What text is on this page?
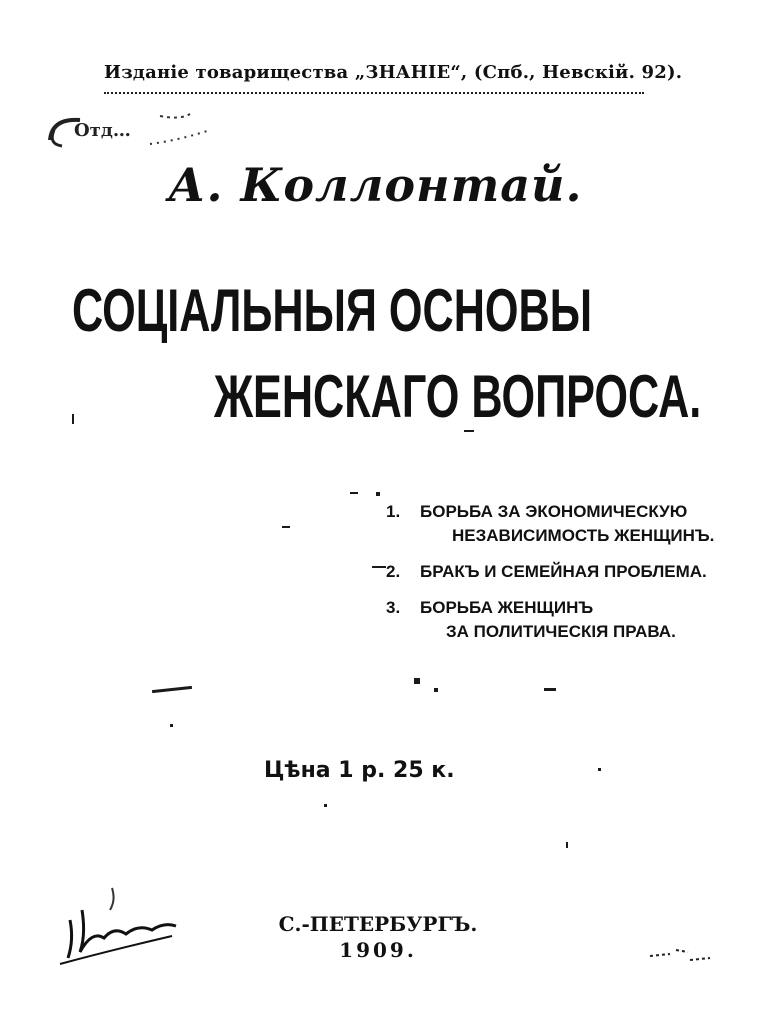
Изданіе товарищества „ЗНАНІЕ“, (Спб., Невскій. 92).
Отд…
А. Коллонтай.
СОЦІАЛЬНЫЯ ОСНОВЫ
ЖЕНСКАГО ВОПРОСА.
1. БОРЬБА ЗА ЭКОНОМИЧЕСКУЮ
НЕЗАВИСИМОСТЬ ЖЕНЩИНЪ.
2. БРАКЪ И СЕМЕЙНАЯ ПРОБЛЕМА.
3. БОРЬБА ЖЕНЩИНЪ
ЗА ПОЛИТИЧЕСКІЯ ПРАВА.
Цѣна 1 р. 25 к.
С.-ПЕТЕРБУРГЪ.
1909.
